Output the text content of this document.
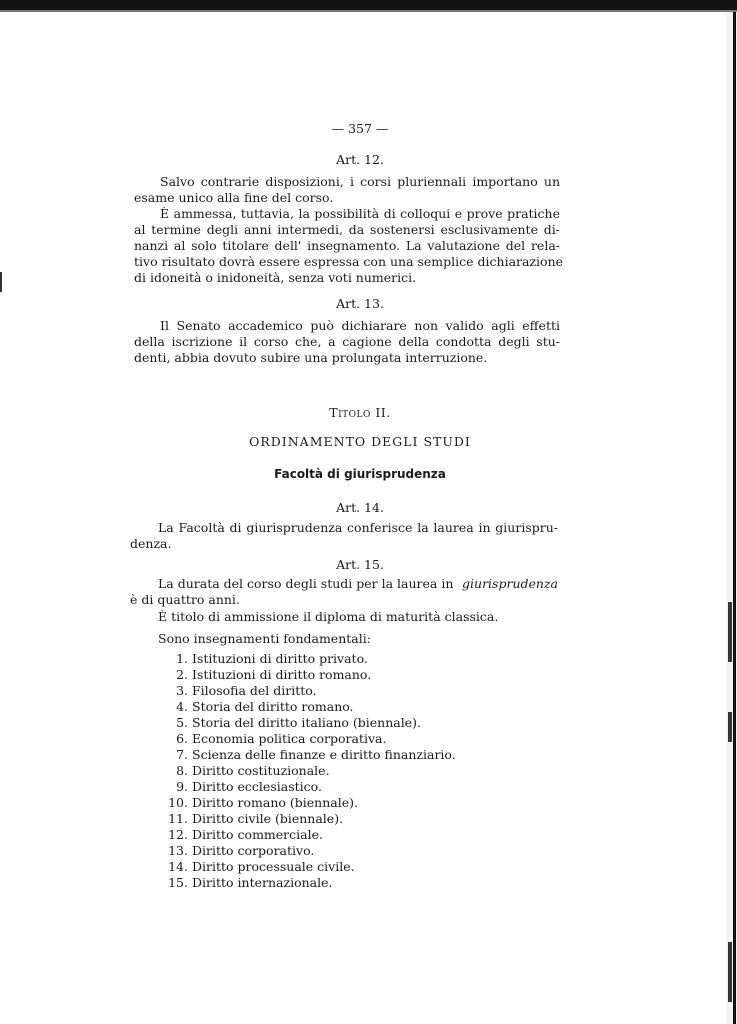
— 357 —
Art. 12.
Salvo contrarie disposizioni, i corsi pluriennali importano un
esame unico alla fine del corso.
È ammessa, tuttavia, la possibilità di colloqui e prove pratiche
al termine degli anni intermedi, da sostenersi esclusivamente di-
nanzi al solo titolare dell' insegnamento. La valutazione del rela-
tivo risultato dovrà essere espressa con una semplice dichiarazione
di idoneità o inidoneità, senza voti numerici.
Art. 13.
Il Senato accademico può dichiarare non valido agli effetti
della iscrizione il corso che, a cagione della condotta degli stu-
denti, abbia dovuto subire una prolungata interruzione.
Titolo II.
ORDINAMENTO DEGLI STUDI
Facoltà di giurisprudenza
Art. 14.
La Facoltà di giurisprudenza conferisce la laurea in giurispru-
denza.
Art. 15.
La durata del corso degli studi per la laurea in giurisprudenza
è di quattro anni.
È titolo di ammissione il diploma di maturità classica.
Sono insegnamenti fondamentali:
1. Istituzioni di diritto privato.
2. Istituzioni di diritto romano.
3. Filosofia del diritto.
4. Storia del diritto romano.
5. Storia del diritto italiano (biennale).
6. Economia politica corporativa.
7. Scienza delle finanze e diritto finanziario.
8. Diritto costituzionale.
9. Diritto ecclesiastico.
10. Diritto romano (biennale).
11. Diritto civile (biennale).
12. Diritto commerciale.
13. Diritto corporativo.
14. Diritto processuale civile.
15. Diritto internazionale.
